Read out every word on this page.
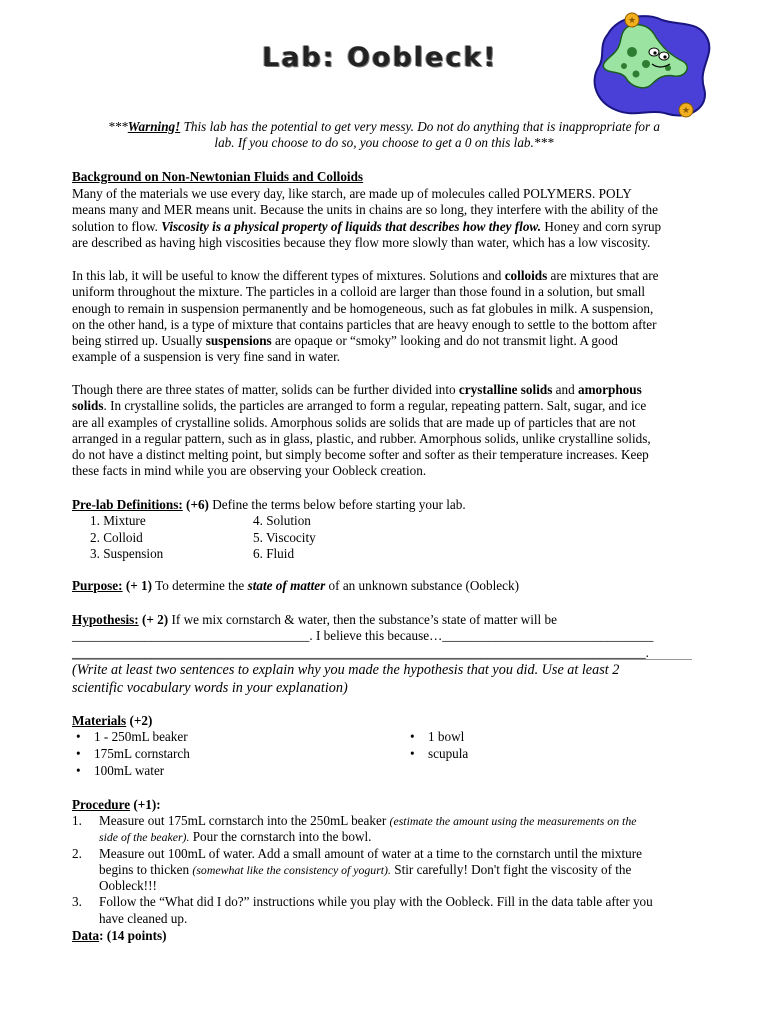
Lab: Oobleck!
★
★
***Warning! This lab has the potential to get very messy. Do not do anything that is inappropriate for a
lab. If you choose to do so, you choose to get a 0 on this lab.***
Background on Non-Newtonian Fluids and Colloids
Many of the materials we use every day, like starch, are made up of molecules called POLYMERS. POLY
means many and MER means unit. Because the units in chains are so long, they interfere with the ability of the
solution to flow. Viscosity is a physical property of liquids that describes how they flow. Honey and corn syrup
are described as having high viscosities because they flow more slowly than water, which has a low viscosity.
In this lab, it will be useful to know the different types of mixtures. Solutions and colloids are mixtures that are
uniform throughout the mixture. The particles in a colloid are larger than those found in a solution, but small
enough to remain in suspension permanently and be homogeneous, such as fat globules in milk. A suspension,
on the other hand, is a type of mixture that contains particles that are heavy enough to settle to the bottom after
being stirred up. Usually suspensions are opaque or “smoky” looking and do not transmit light. A good
example of a suspension is very fine sand in water.
Though there are three states of matter, solids can be further divided into crystalline solids and amorphous
solids. In crystalline solids, the particles are arranged to form a regular, repeating pattern. Salt, sugar, and ice
are all examples of crystalline solids. Amorphous solids are solids that are made up of particles that are not
arranged in a regular pattern, such as in glass, plastic, and rubber. Amorphous solids, unlike crystalline solids,
do not have a distinct melting point, but simply become softer and softer as their temperature increases. Keep
these facts in mind while you are observing your Oobleck creation.
Pre-lab Definitions: (+6) Define the terms below before starting your lab.
1. Mixture	4. Solution
2. Colloid	5. Viscocity
3. Suspension	6. Fluid
Purpose: (+ 1) To determine the state of matter of an unknown substance (Oobleck)
Hypothesis: (+ 2) If we mix cornstarch & water, then the substance’s state of matter will be
____________________________________. I believe this because…________________________________
_______________________________________________________________________________________.
(Write at least two sentences to explain why you made the hypothesis that you did. Use at least 2
scientific vocabulary words in your explanation)
Materials (+2)
• 1 - 250mL beaker
• 175mL cornstarch
• 100mL water
• 1 bowl
• scupula
Procedure (+1):
1. Measure out 175mL cornstarch into the 250mL beaker (estimate the amount using the measurements on the
side of the beaker). Pour the cornstarch into the bowl.
2. Measure out 100mL of water. Add a small amount of water at a time to the cornstarch until the mixture
begins to thicken (somewhat like the consistency of yogurt). Stir carefully! Don't fight the viscosity of the
Oobleck!!!
3. Follow the “What did I do?” instructions while you play with the Oobleck. Fill in the data table after you
have cleaned up.
Data: (14 points)
